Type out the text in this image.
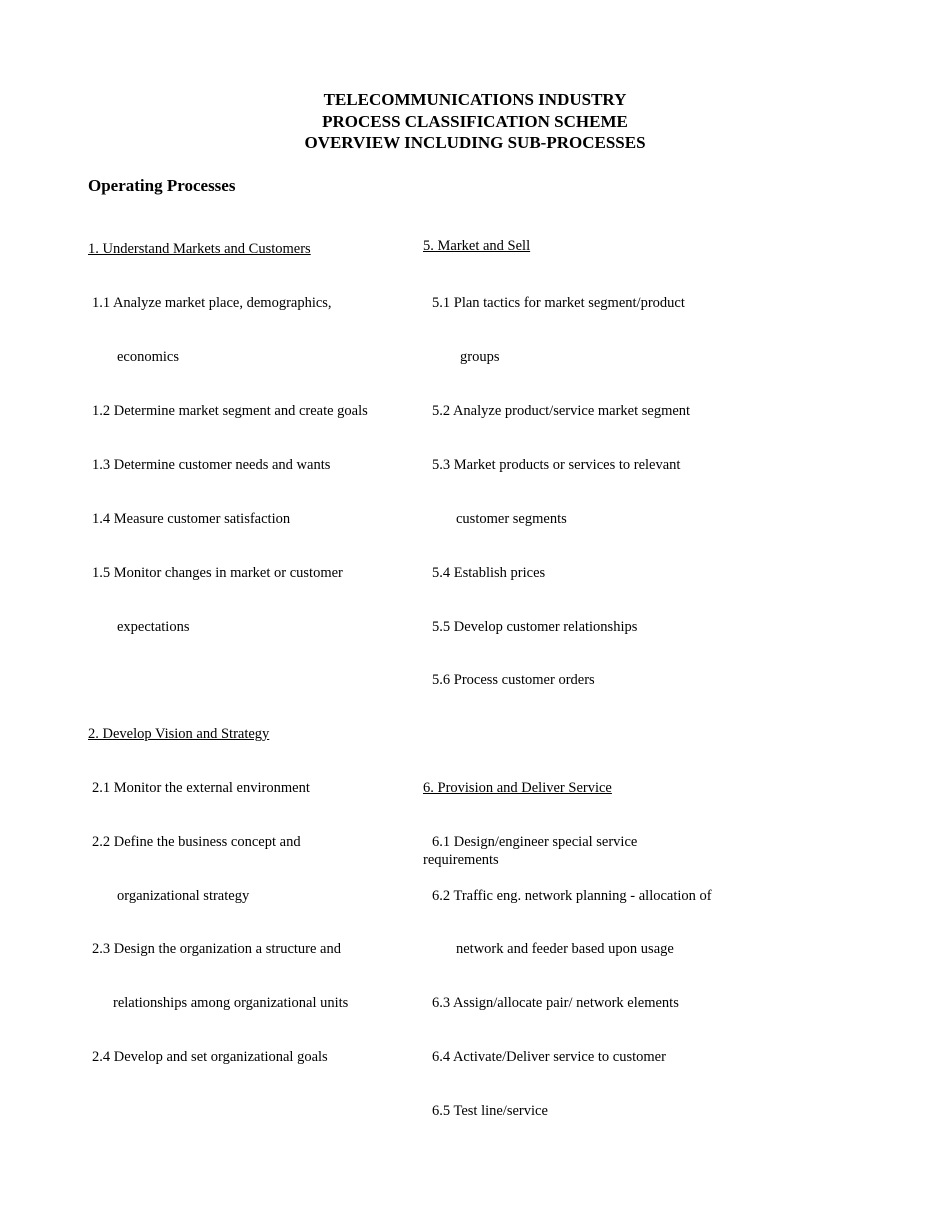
TELECOMMUNICATIONS INDUSTRY
PROCESS CLASSIFICATION SCHEME
OVERVIEW INCLUDING SUB-PROCESSES
Operating Processes
1. Understand Markets and Customers
1.1 Analyze market place, demographics,
economics
1.2 Determine market segment and create goals
1.3 Determine customer needs and wants
1.4 Measure customer satisfaction
1.5 Monitor changes in market or customer
expectations
2. Develop Vision and Strategy
2.1 Monitor the external environment
2.2 Define the business concept and
organizational strategy
2.3 Design the organization a structure and
relationships among organizational units
2.4 Develop and set organizational goals
5. Market and Sell
5.1 Plan tactics for market segment/product
groups
5.2 Analyze product/service market segment
5.3 Market products or services to relevant
customer segments
5.4 Establish prices
5.5 Develop customer relationships
5.6 Process customer orders
6. Provision and Deliver Service
6.1 Design/engineer special service
requirements
6.2 Traffic eng. network planning - allocation of
network and feeder based upon usage
6.3 Assign/allocate pair/ network elements
6.4 Activate/Deliver service to customer
6.5 Test line/service
